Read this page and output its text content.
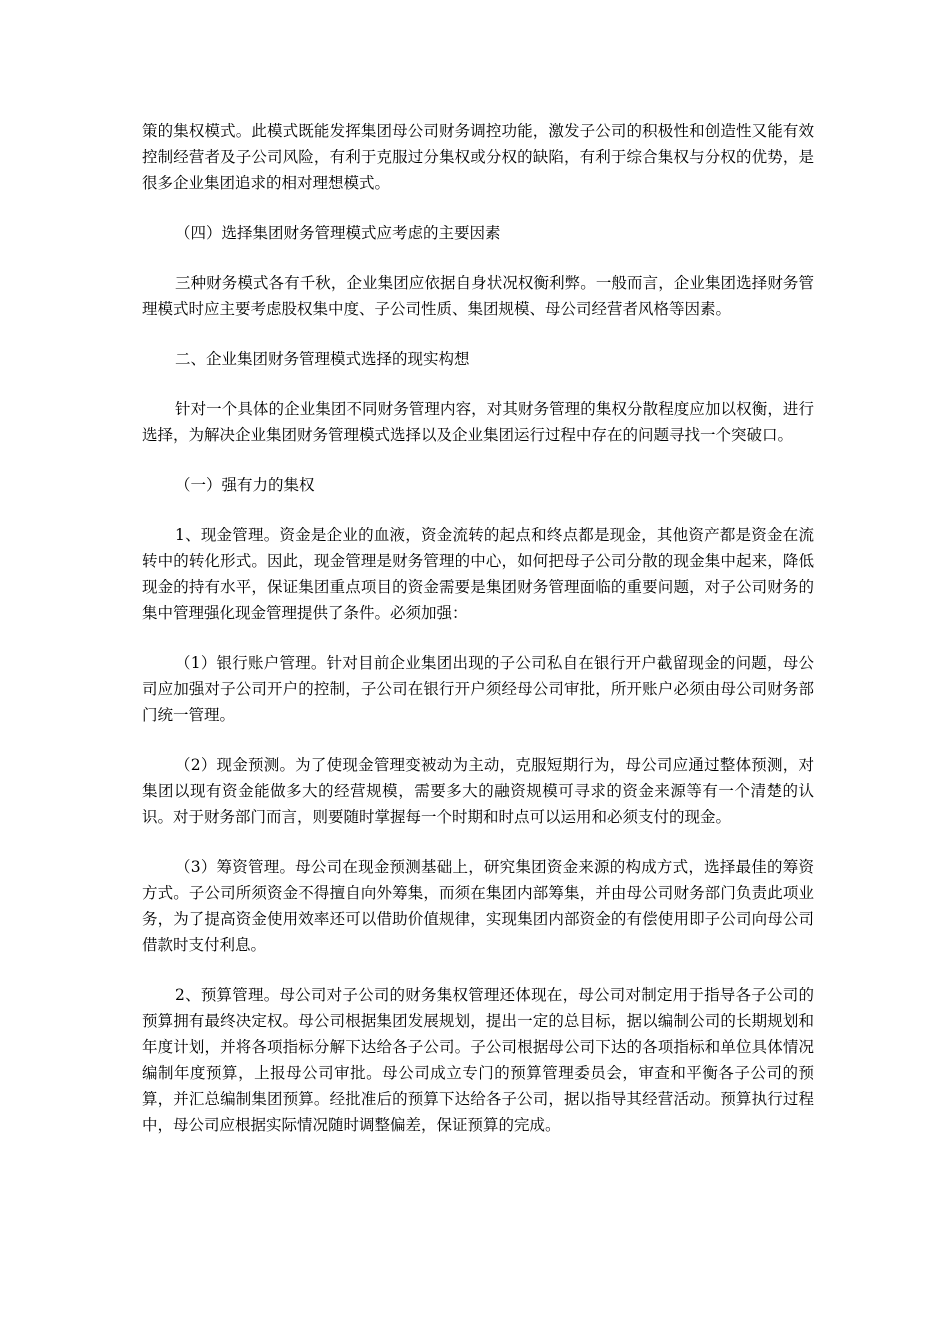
策的集权模式。此模式既能发挥集团母公司财务调控功能，激发子公司的积极性和创造性又能有效控制经营者及子公司风险，有利于克服过分集权或分权的缺陷，有利于综合集权与分权的优势，是很多企业集团追求的相对理想模式。

（四）选择集团财务管理模式应考虑的主要因素

三种财务模式各有千秋，企业集团应依据自身状况权衡利弊。一般而言，企业集团选择财务管理模式时应主要考虑股权集中度、子公司性质、集团规模、母公司经营者风格等因素。

二、企业集团财务管理模式选择的现实构想

针对一个具体的企业集团不同财务管理内容，对其财务管理的集权分散程度应加以权衡，进行选择，为解决企业集团财务管理模式选择以及企业集团运行过程中存在的问题寻找一个突破口。

（一）强有力的集权

1、现金管理。资金是企业的血液，资金流转的起点和终点都是现金，其他资产都是资金在流转中的转化形式。因此，现金管理是财务管理的中心，如何把母子公司分散的现金集中起来，降低现金的持有水平，保证集团重点项目的资金需要是集团财务管理面临的重要问题，对子公司财务的集中管理强化现金管理提供了条件。必须加强：

（1）银行账户管理。针对目前企业集团出现的子公司私自在银行开户截留现金的问题，母公司应加强对子公司开户的控制，子公司在银行开户须经母公司审批，所开账户必须由母公司财务部门统一管理。

（2）现金预测。为了使现金管理变被动为主动，克服短期行为，母公司应通过整体预测，对集团以现有资金能做多大的经营规模，需要多大的融资规模可寻求的资金来源等有一个清楚的认识。对于财务部门而言，则要随时掌握每一个时期和时点可以运用和必须支付的现金。

（3）筹资管理。母公司在现金预测基础上，研究集团资金来源的构成方式，选择最佳的筹资方式。子公司所须资金不得擅自向外筹集，而须在集团内部筹集，并由母公司财务部门负责此项业务，为了提高资金使用效率还可以借助价值规律，实现集团内部资金的有偿使用即子公司向母公司借款时支付利息。

2、预算管理。母公司对子公司的财务集权管理还体现在，母公司对制定用于指导各子公司的预算拥有最终决定权。母公司根据集团发展规划，提出一定的总目标，据以编制公司的长期规划和年度计划，并将各项指标分解下达给各子公司。子公司根据母公司下达的各项指标和单位具体情况编制年度预算，上报母公司审批。母公司成立专门的预算管理委员会，审查和平衡各子公司的预算，并汇总编制集团预算。经批准后的预算下达给各子公司，据以指导其经营活动。预算执行过程中，母公司应根据实际情况随时调整偏差，保证预算的完成。
